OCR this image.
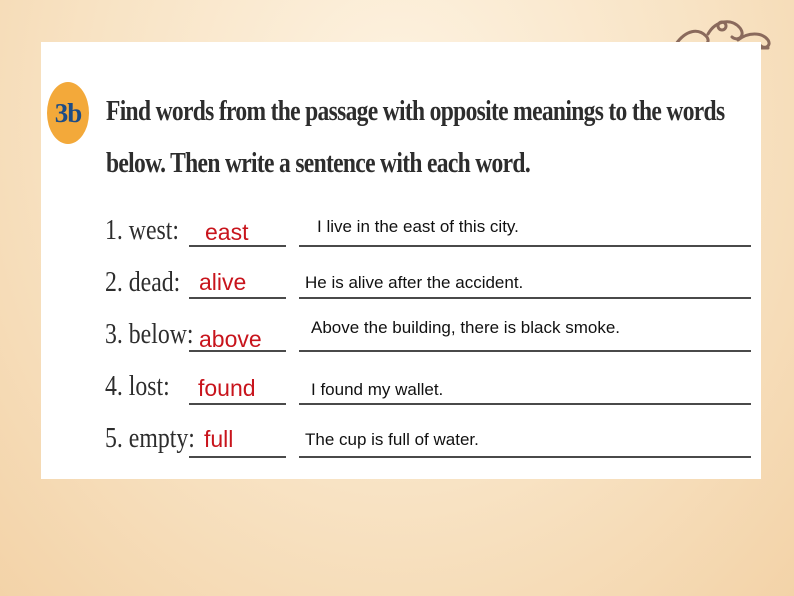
3b Find words from the passage with opposite meanings to the words
below. Then write a sentence with each word.

1. west: east	I live in the east of this city.
2. dead: alive	He is alive after the accident.
3. below: above	Above the building, there is black smoke.
4. lost: found	I found my wallet.
5. empty: full	The cup is full of water.
